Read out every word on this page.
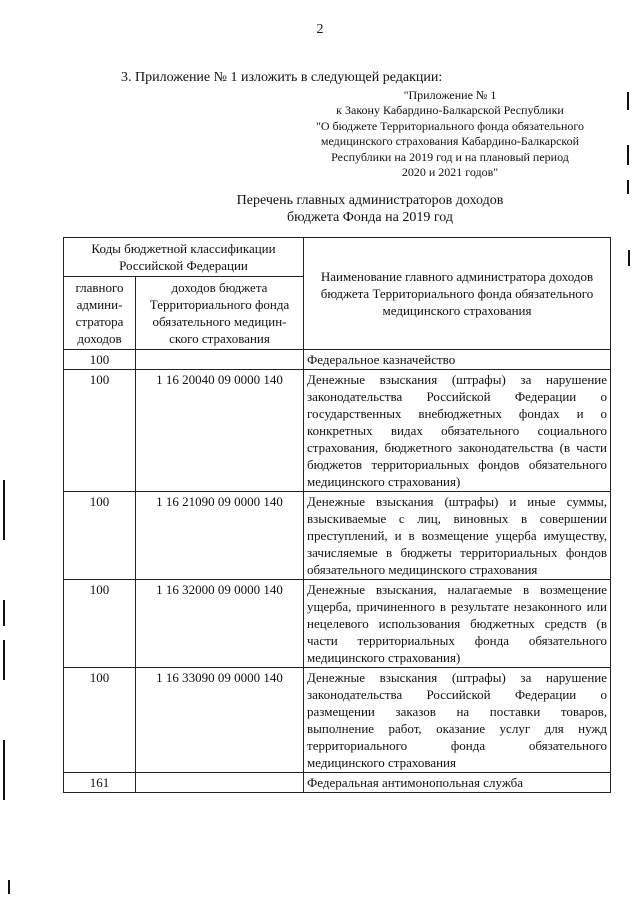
2
3. Приложение № 1 изложить в следующей редакции:
"Приложение № 1
к Закону Кабардино-Балкарской Республики
"О бюджете Территориального фонда обязательного
медицинского страхования Кабардино-Балкарской
Республики на 2019 год и на плановый период
2020 и 2021 годов"
Перечень главных администраторов доходов
бюджета Фонда на 2019 год
Коды бюджетной классификации Российской Федерации		Наименование главного администратора доходов бюджета Территориального фонда обязательного медицинского страхования
главного админи-стратора доходов	доходов бюджета Территориального фонда обязательного медицин-ского страхования	
100		Федеральное казначейство
100	1 16 20040 09 0000 140	Денежные взыскания (штрафы) за нарушение законодательства Российской Федерации о государственных внебюджетных фондах и о конкретных видах обязательного социального страхования, бюджетного законодательства (в части бюджетов территориальных фондов обязательного медицинского страхования)
100	1 16 21090 09 0000 140	Денежные взыскания (штрафы) и иные суммы, взыскиваемые с лиц, виновных в совершении преступлений, и в возмещение ущерба имуществу, зачисляемые в бюджеты территориальных фондов обязательного медицинского страхования
100	1 16 32000 09 0000 140	Денежные взыскания, налагаемые в возмещение ущерба, причиненного в результате незаконного или нецелевого использования бюджетных средств (в части территориальных фонда обязательного медицинского страхования)
100	1 16 33090 09 0000 140	Денежные взыскания (штрафы) за нарушение законодательства Российской Федерации о размещении заказов на поставки товаров, выполнение работ, оказание услуг для нужд территориального фонда обязательного медицинского страхования
161		Федеральная антимонопольная служба
